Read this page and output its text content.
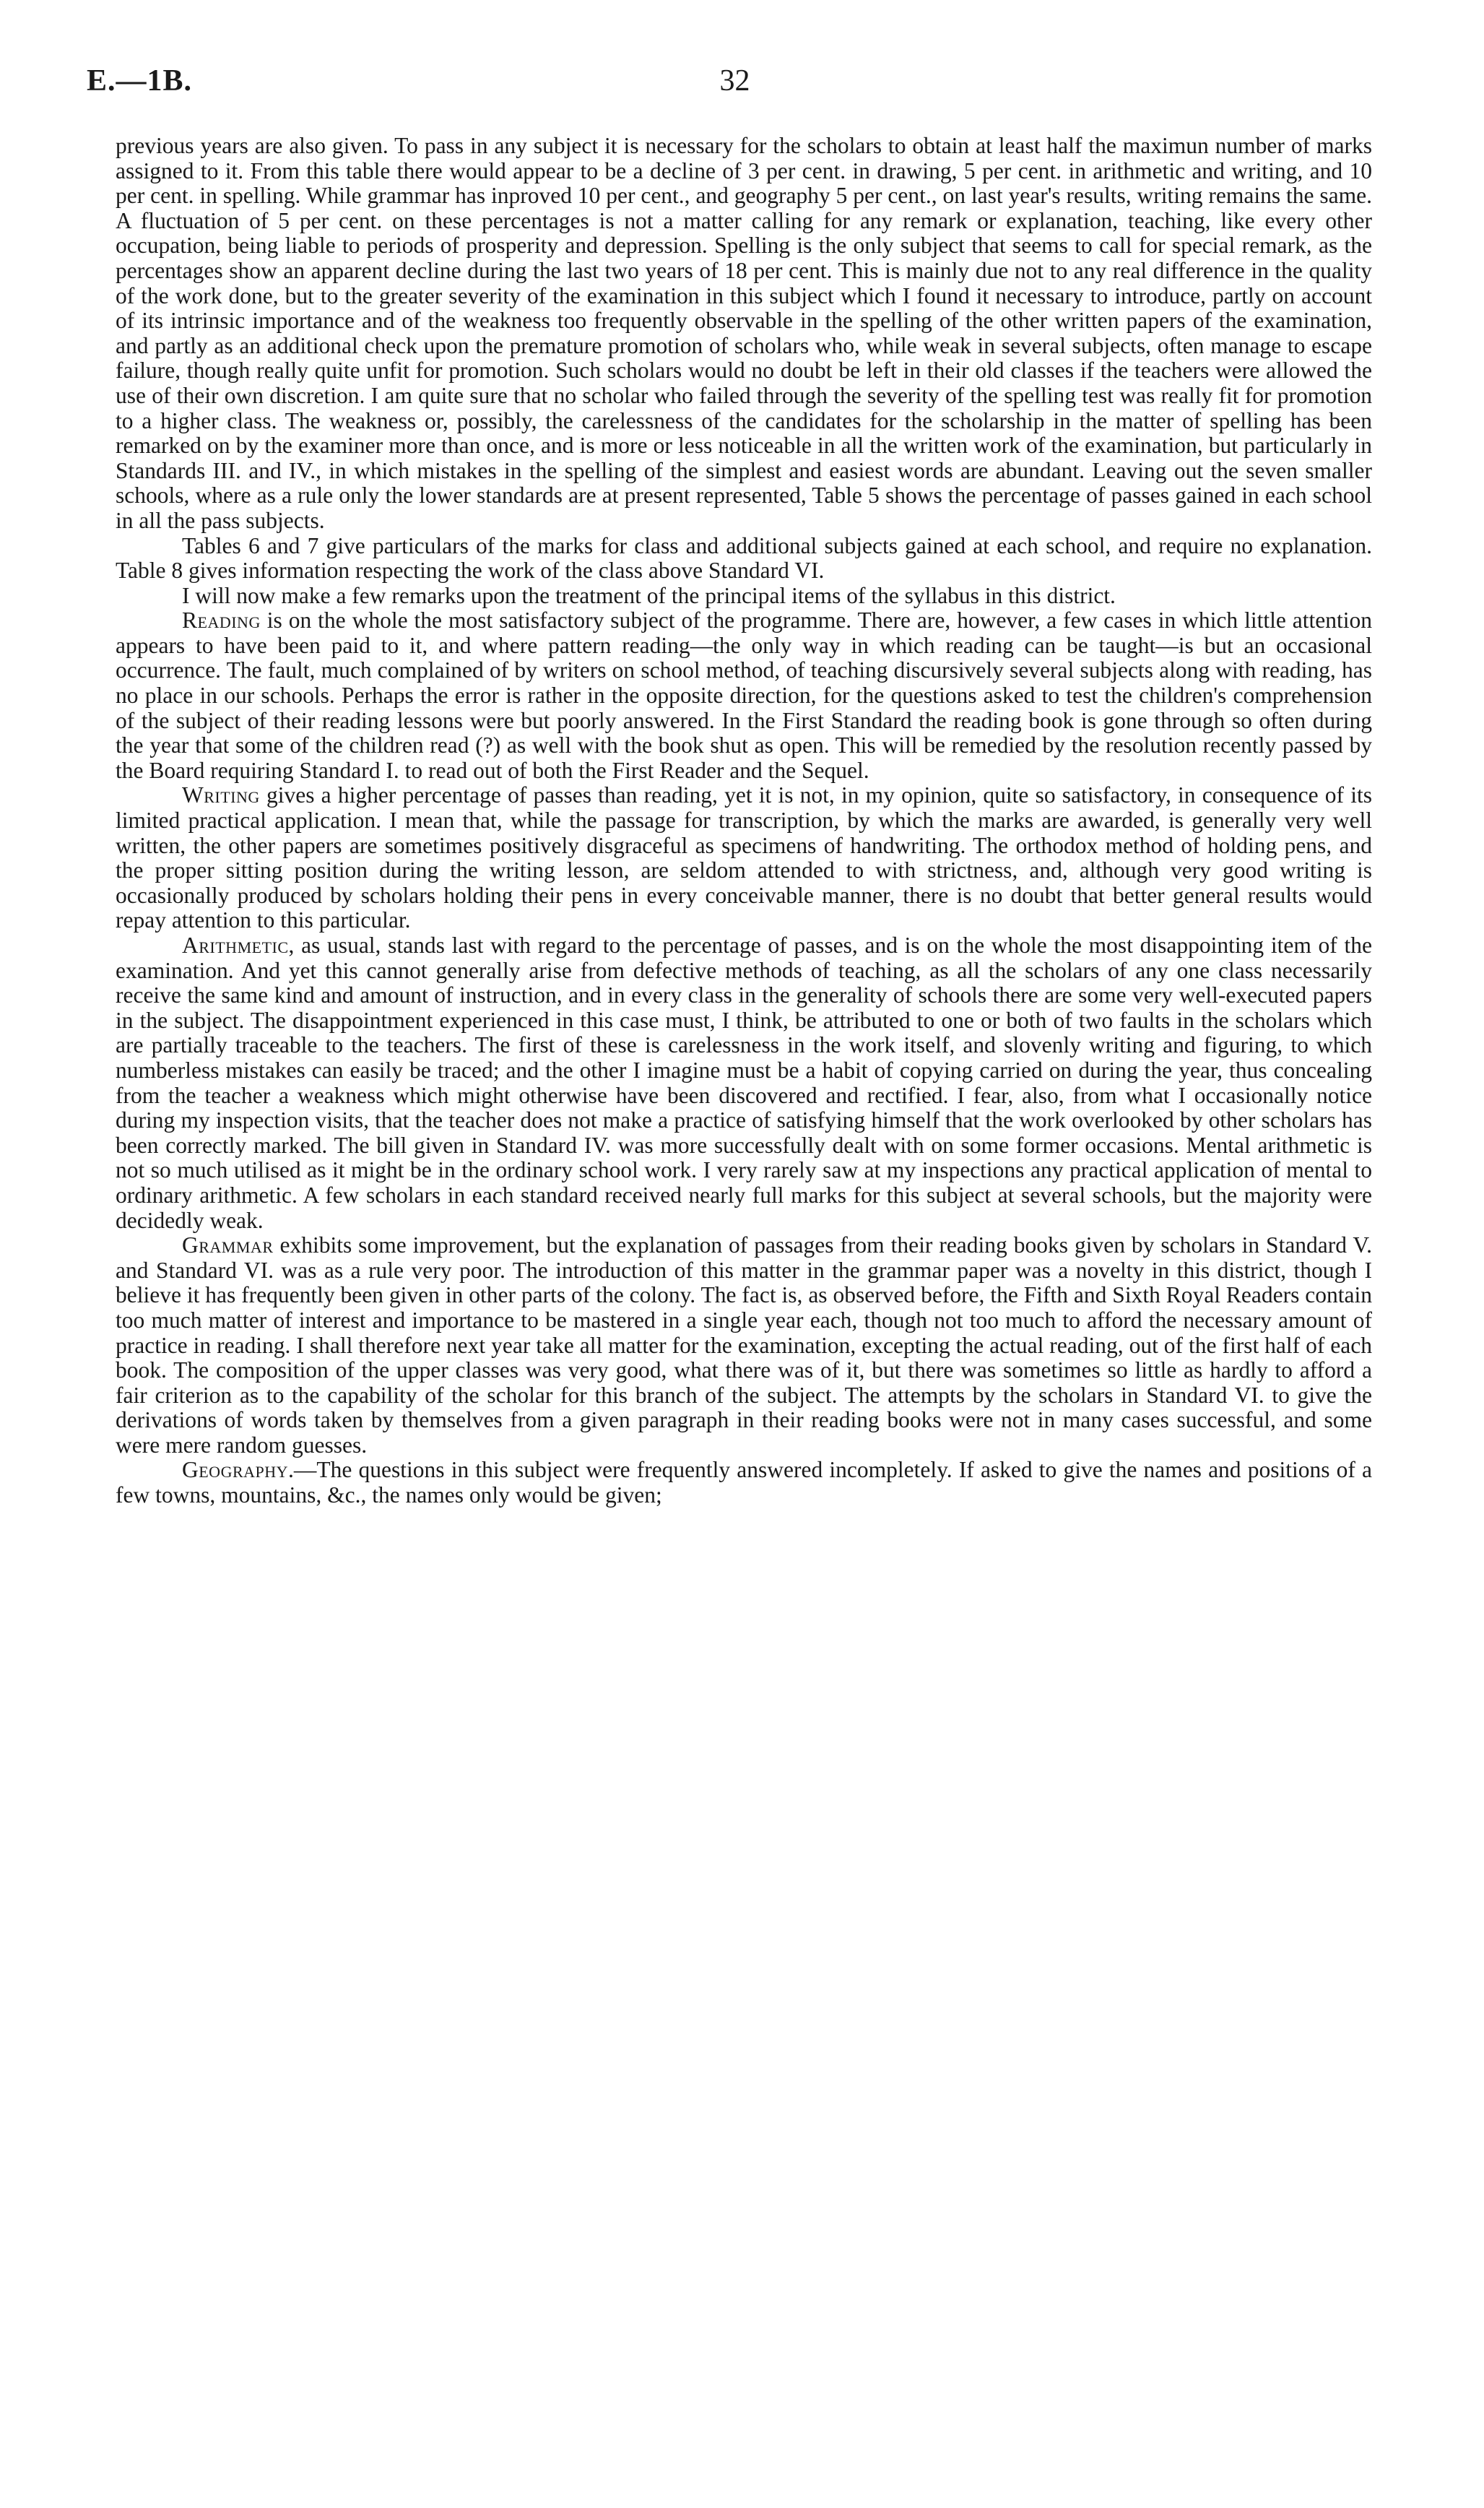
E.—1B.	32

previous years are also given. To pass in any subject it is necessary for the scholars to obtain at least half the maximun number of marks assigned to it. From this table there would appear to be a decline of 3 per cent. in drawing, 5 per cent. in arithmetic and writing, and 10 per cent. in spelling. While grammar has inproved 10 per cent., and geography 5 per cent., on last year's results, writing remains the same. A fluctuation of 5 per cent. on these percentages is not a matter calling for any remark or explanation, teaching, like every other occupation, being liable to periods of prosperity and depression. Spelling is the only subject that seems to call for special remark, as the percentages show an apparent decline during the last two years of 18 per cent. This is mainly due not to any real difference in the quality of the work done, but to the greater severity of the examination in this subject which I found it necessary to introduce, partly on account of its intrinsic importance and of the weakness too frequently observable in the spelling of the other written papers of the examination, and partly as an additional check upon the premature promotion of scholars who, while weak in several subjects, often manage to escape failure, though really quite unfit for promotion. Such scholars would no doubt be left in their old classes if the teachers were allowed the use of their own discretion. I am quite sure that no scholar who failed through the severity of the spelling test was really fit for promotion to a higher class. The weakness or, possibly, the carelessness of the candidates for the scholarship in the matter of spelling has been remarked on by the examiner more than once, and is more or less noticeable in all the written work of the examination, but particularly in Standards III. and IV., in which mistakes in the spelling of the simplest and easiest words are abundant. Leaving out the seven smaller schools, where as a rule only the lower standards are at present represented, Table 5 shows the percentage of passes gained in each school in all the pass subjects.

Tables 6 and 7 give particulars of the marks for class and additional subjects gained at each school, and require no explanation. Table 8 gives information respecting the work of the class above Standard VI.

I will now make a few remarks upon the treatment of the principal items of the syllabus in this district.

Reading is on the whole the most satisfactory subject of the programme. There are, however, a few cases in which little attention appears to have been paid to it, and where pattern reading—the only way in which reading can be taught—is but an occasional occurrence. The fault, much complained of by writers on school method, of teaching discursively several subjects along with reading, has no place in our schools. Perhaps the error is rather in the opposite direction, for the questions asked to test the children's comprehension of the subject of their reading lessons were but poorly answered. In the First Standard the reading book is gone through so often during the year that some of the children read (?) as well with the book shut as open. This will be remedied by the resolution recently passed by the Board requiring Standard I. to read out of both the First Reader and the Sequel.

Writing gives a higher percentage of passes than reading, yet it is not, in my opinion, quite so satisfactory, in consequence of its limited practical application. I mean that, while the passage for transcription, by which the marks are awarded, is generally very well written, the other papers are sometimes positively disgraceful as specimens of handwriting. The orthodox method of holding pens, and the proper sitting position during the writing lesson, are seldom attended to with strictness, and, although very good writing is occasionally produced by scholars holding their pens in every conceivable manner, there is no doubt that better general results would repay attention to this particular.

Arithmetic, as usual, stands last with regard to the percentage of passes, and is on the whole the most disappointing item of the examination. And yet this cannot generally arise from defective methods of teaching, as all the scholars of any one class necessarily receive the same kind and amount of instruction, and in every class in the generality of schools there are some very well-executed papers in the subject. The disappointment experienced in this case must, I think, be attributed to one or both of two faults in the scholars which are partially traceable to the teachers. The first of these is carelessness in the work itself, and slovenly writing and figuring, to which numberless mistakes can easily be traced; and the other I imagine must be a habit of copying carried on during the year, thus concealing from the teacher a weakness which might otherwise have been discovered and rectified. I fear, also, from what I occasionally notice during my inspection visits, that the teacher does not make a practice of satisfying himself that the work overlooked by other scholars has been correctly marked. The bill given in Standard IV. was more successfully dealt with on some former occasions. Mental arithmetic is not so much utilised as it might be in the ordinary school work. I very rarely saw at my inspections any practical application of mental to ordinary arithmetic. A few scholars in each standard received nearly full marks for this subject at several schools, but the majority were decidedly weak.

Grammar exhibits some improvement, but the explanation of passages from their reading books given by scholars in Standard V. and Standard VI. was as a rule very poor. The introduction of this matter in the grammar paper was a novelty in this district, though I believe it has frequently been given in other parts of the colony. The fact is, as observed before, the Fifth and Sixth Royal Readers contain too much matter of interest and importance to be mastered in a single year each, though not too much to afford the necessary amount of practice in reading. I shall therefore next year take all matter for the examination, excepting the actual reading, out of the first half of each book. The composition of the upper classes was very good, what there was of it, but there was sometimes so little as hardly to afford a fair criterion as to the capability of the scholar for this branch of the subject. The attempts by the scholars in Standard VI. to give the derivations of words taken by themselves from a given paragraph in their reading books were not in many cases successful, and some were mere random guesses.

Geography.—The questions in this subject were frequently answered incompletely. If asked to give the names and positions of a few towns, mountains, &c., the names only would be given;
